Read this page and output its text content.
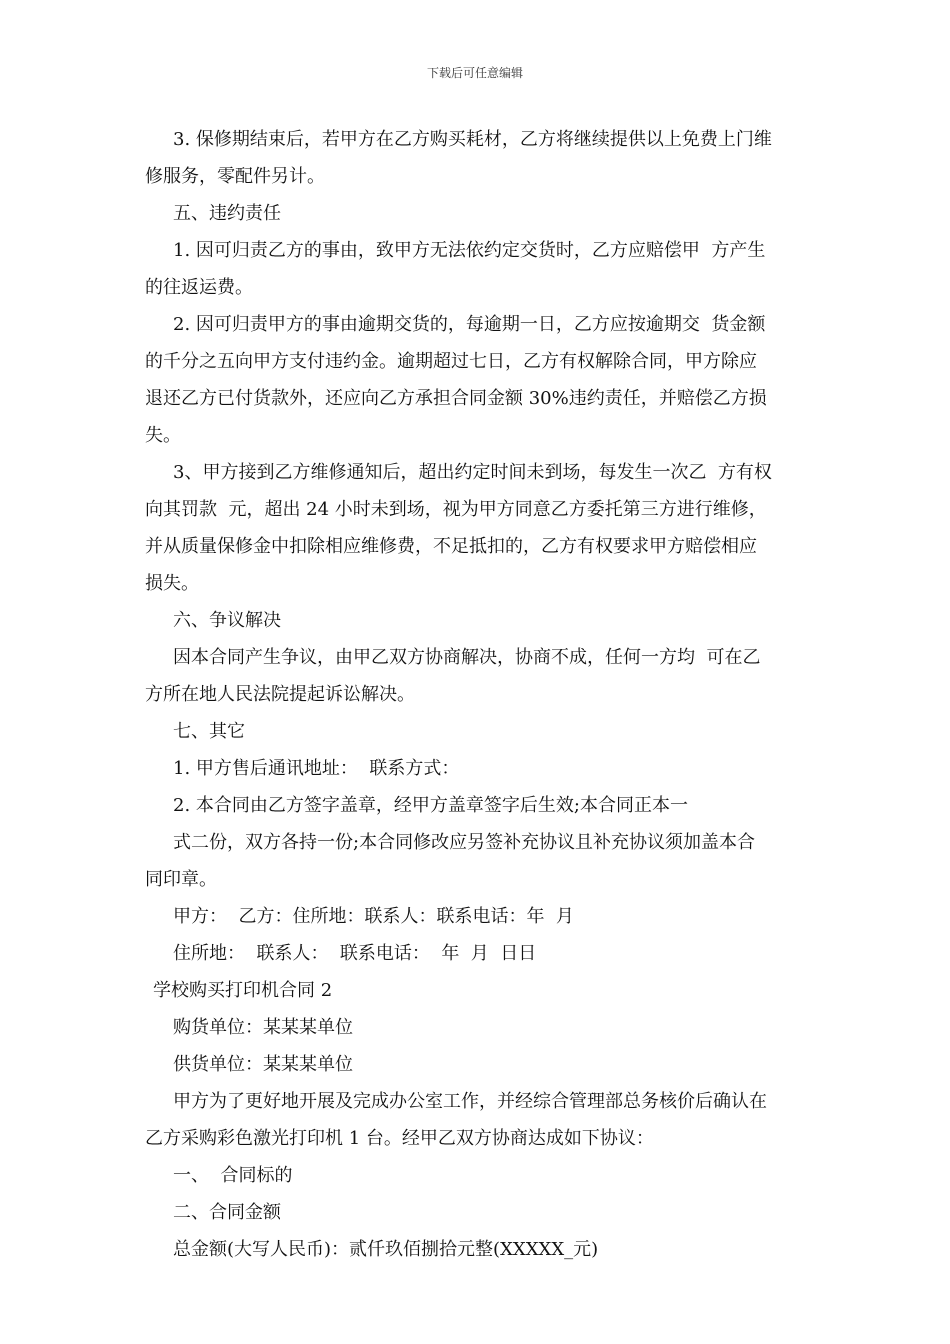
下载后可任意编辑
3. 保修期结束后，若甲方在乙方购买耗材，乙方将继续提供以上免费上门维
修服务，零配件另计。
五、违约责任
1. 因可归责乙方的事由，致甲方无法依约定交货时，乙方应赔偿甲  方产生
的往返运费。
2. 因可归责甲方的事由逾期交货的，每逾期一日，乙方应按逾期交  货金额
的千分之五向甲方支付违约金。逾期超过七日，乙方有权解除合同，甲方除应
退还乙方已付货款外，还应向乙方承担合同金额 30%违约责任，并赔偿乙方损
失。
3、甲方接到乙方维修通知后，超出约定时间未到场，每发生一次乙  方有权
向其罚款  元，超出 24 小时未到场，视为甲方同意乙方委托第三方进行维修，
并从质量保修金中扣除相应维修费，不足抵扣的，乙方有权要求甲方赔偿相应
损失。
六、争议解决
因本合同产生争议，由甲乙双方协商解决，协商不成，任何一方均  可在乙
方所在地人民法院提起诉讼解决。
七、其它
1. 甲方售后通讯地址：  联系方式：
2. 本合同由乙方签字盖章，经甲方盖章签字后生效;本合同正本一
式二份，双方各持一份;本合同修改应另签补充协议且补充协议须加盖本合
同印章。
甲方：  乙方：住所地：联系人：联系电话：年  月
住所地：  联系人：  联系电话：  年  月  日日
学校购买打印机合同 2
购货单位：某某某单位
供货单位：某某某单位
甲方为了更好地开展及完成办公室工作，并经综合管理部总务核价后确认在
乙方采购彩色激光打印机 1 台。经甲乙双方协商达成如下协议：
一、  合同标的
二、合同金额
总金额(大写人民币)：贰仟玖佰捌拾元整(XXXXX_元)
